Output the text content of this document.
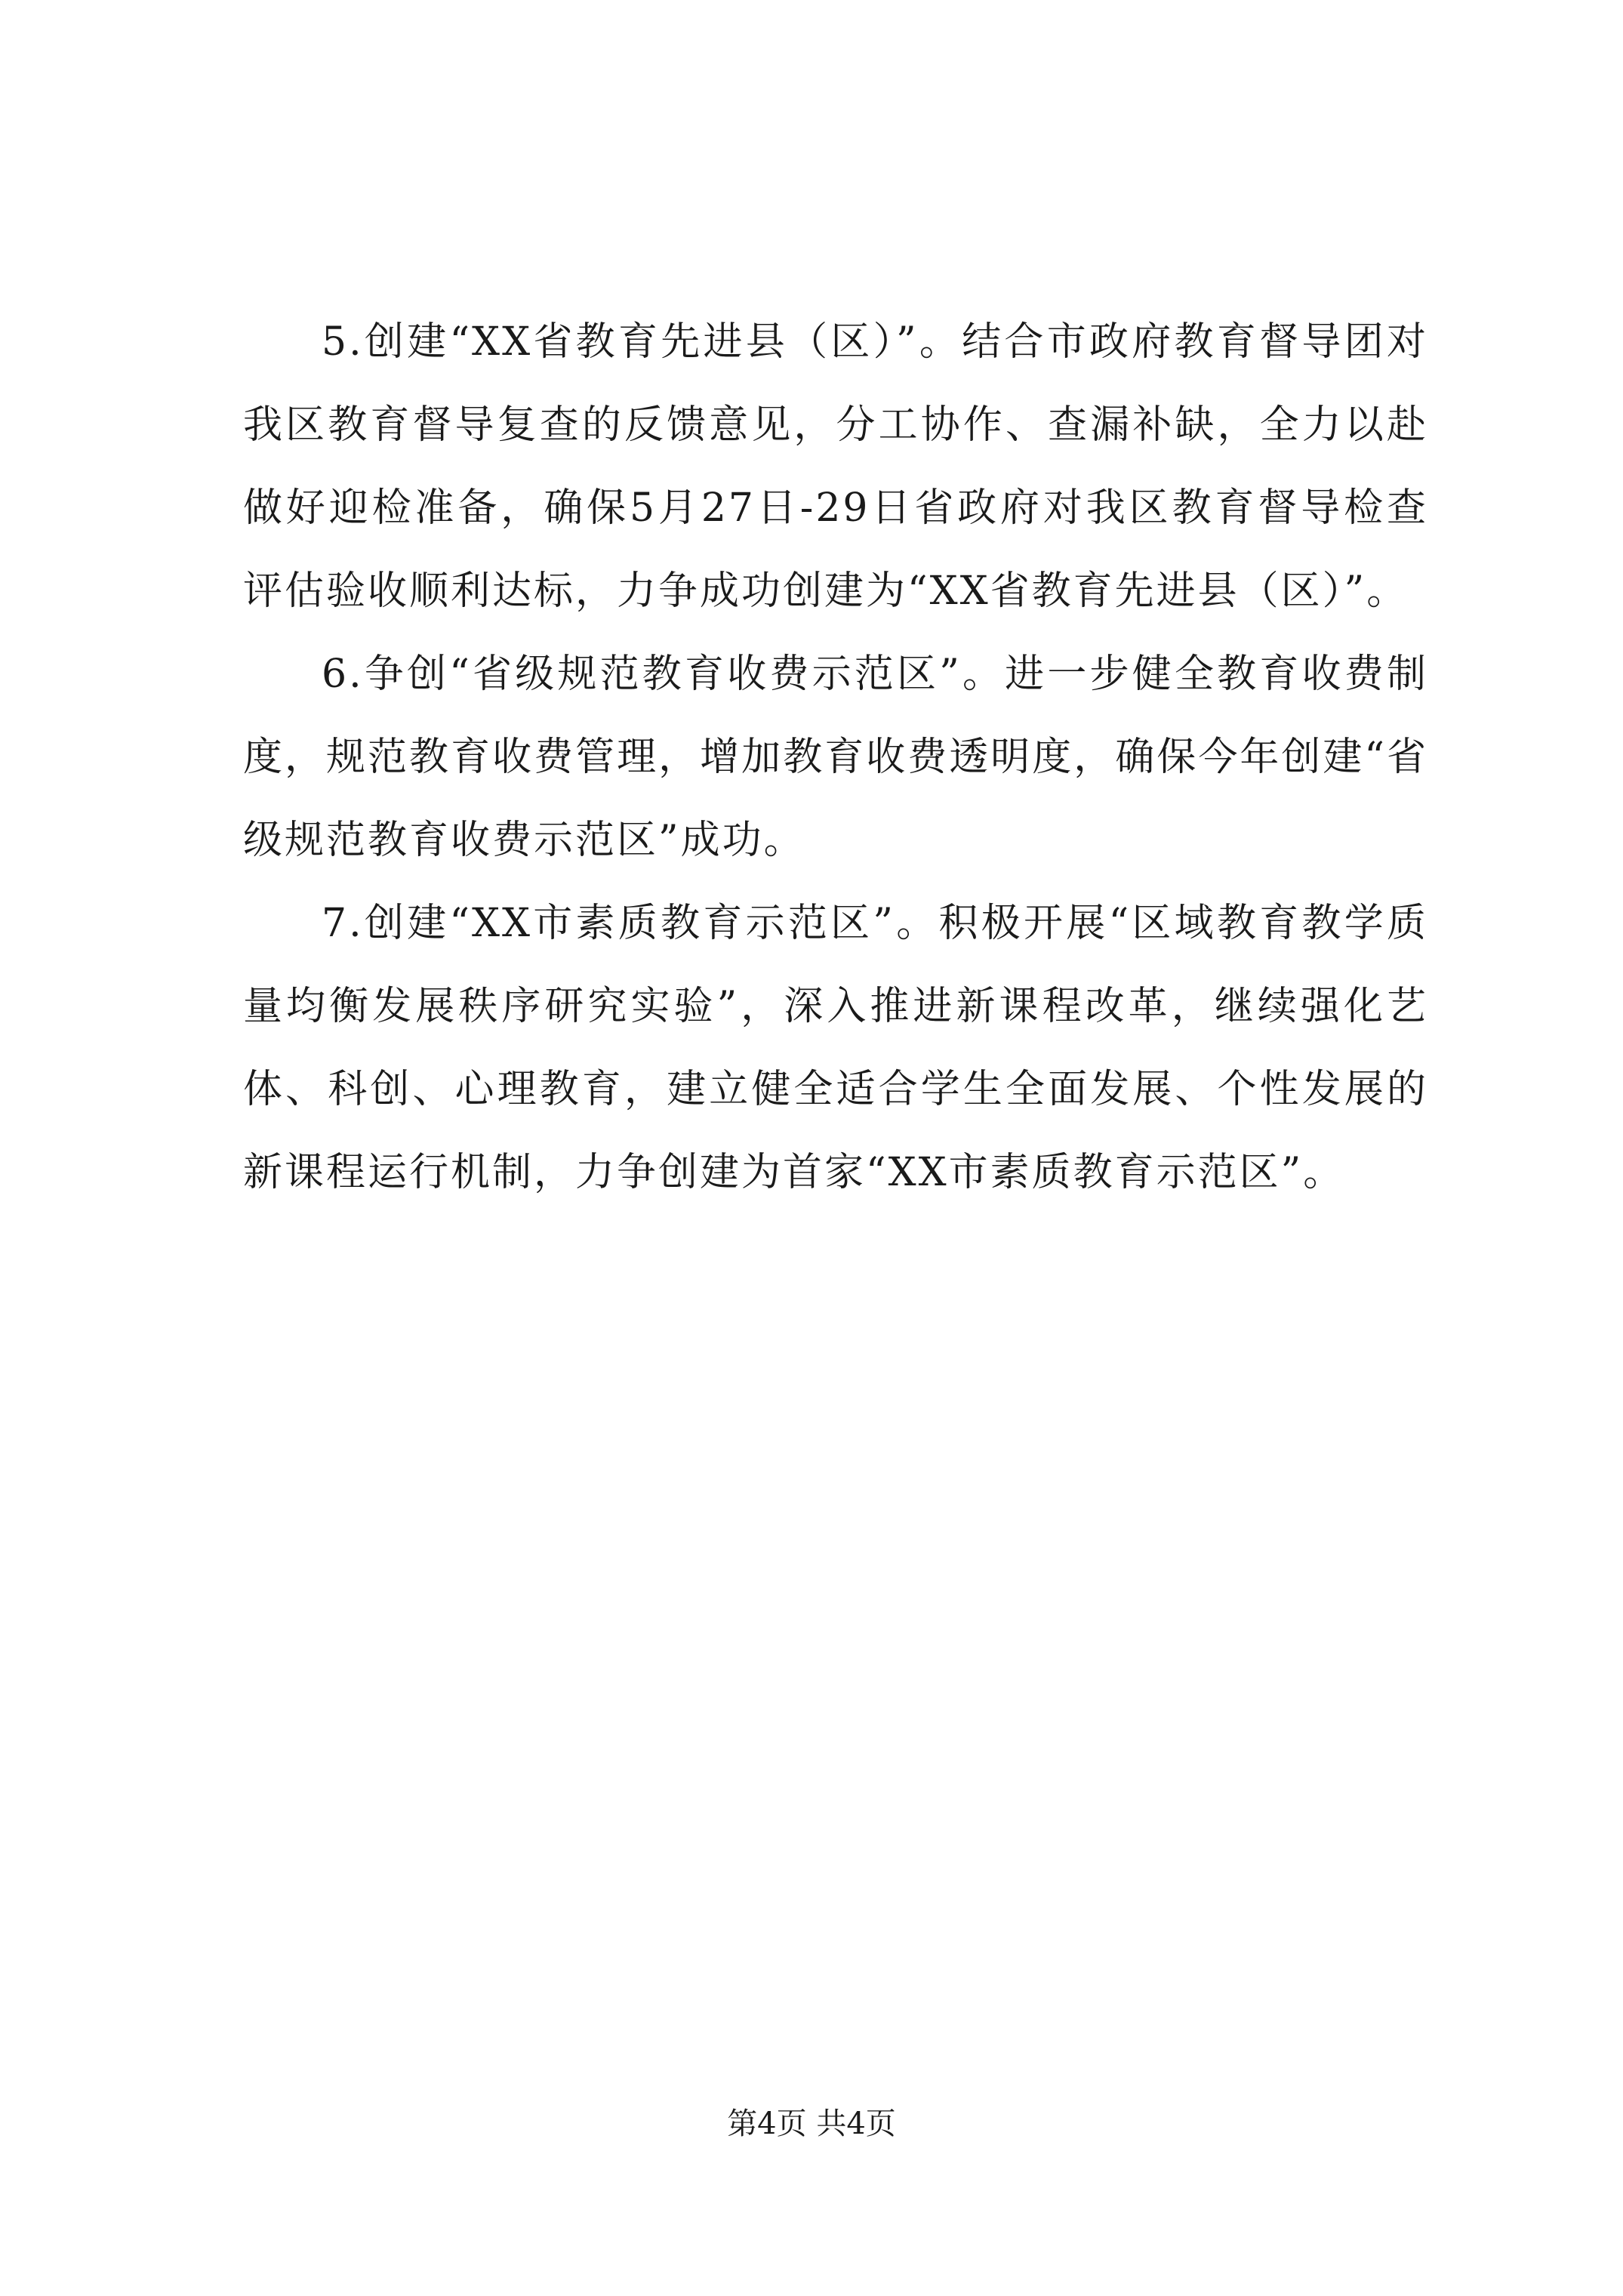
5.创建“XX省教育先进县（区）”。结合市政府教育督导团对我区教育督导复查的反馈意见，分工协作、查漏补缺，全力以赴做好迎检准备，确保5月27日-29日省政府对我区教育督导检查评估验收顺利达标，力争成功创建为“XX省教育先进县（区）”。

6.争创“省级规范教育收费示范区”。进一步健全教育收费制度，规范教育收费管理，增加教育收费透明度，确保今年创建“省级规范教育收费示范区”成功。

7.创建“XX市素质教育示范区”。积极开展“区域教育教学质量均衡发展秩序研究实验”，深入推进新课程改革，继续强化艺体、科创、心理教育，建立健全适合学生全面发展、个性发展的新课程运行机制，力争创建为首家“XX市素质教育示范区”。

第4页 共4页
